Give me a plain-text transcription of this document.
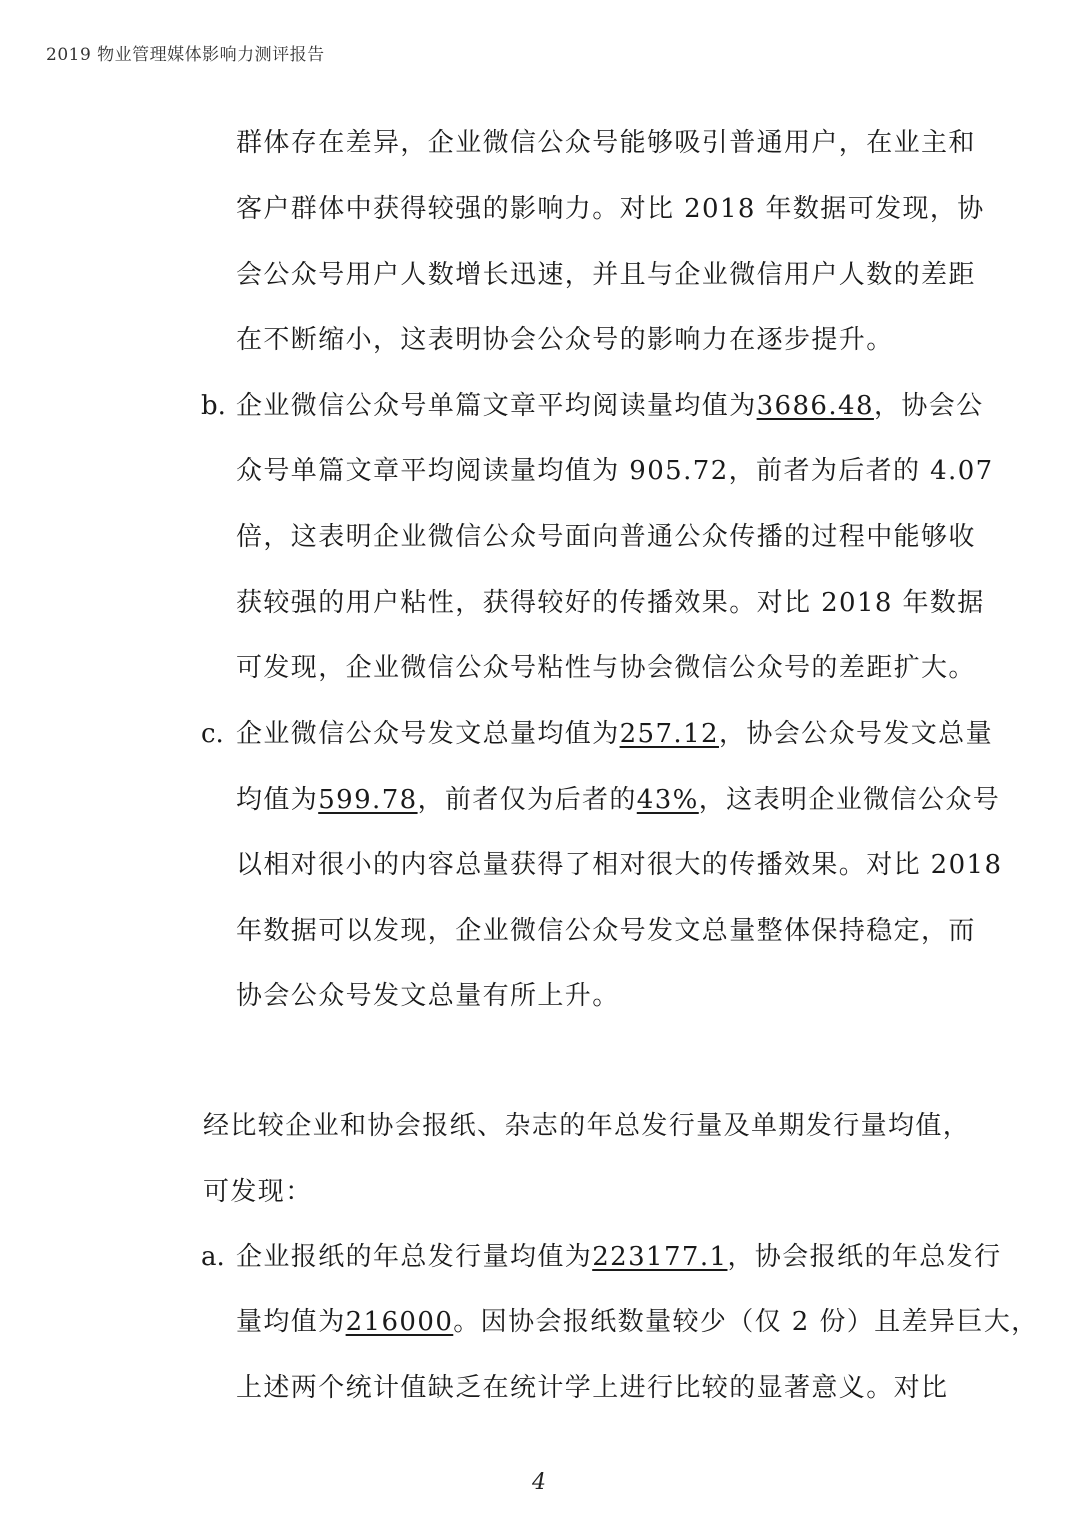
2019 物业管理媒体影响力测评报告
群体存在差异，企业微信公众号能够吸引普通用户，在业主和
客户群体中获得较强的影响力。对比 2018 年数据可发现，协
会公众号用户人数增长迅速，并且与企业微信用户人数的差距
在不断缩小，这表明协会公众号的影响力在逐步提升。
b. 企业微信公众号单篇文章平均阅读量均值为3686.48，协会公
众号单篇文章平均阅读量均值为 905.72，前者为后者的 4.07
倍，这表明企业微信公众号面向普通公众传播的过程中能够收
获较强的用户粘性，获得较好的传播效果。对比 2018 年数据
可发现，企业微信公众号粘性与协会微信公众号的差距扩大。
c. 企业微信公众号发文总量均值为257.12，协会公众号发文总量
均值为599.78，前者仅为后者的43%，这表明企业微信公众号
以相对很小的内容总量获得了相对很大的传播效果。对比 2018
年数据可以发现，企业微信公众号发文总量整体保持稳定，而
协会公众号发文总量有所上升。
经比较企业和协会报纸、杂志的年总发行量及单期发行量均值，
可发现：
a. 企业报纸的年总发行量均值为223177.1，协会报纸的年总发行
量均值为216000。因协会报纸数量较少（仅 2 份）且差异巨大，
上述两个统计值缺乏在统计学上进行比较的显著意义。对比
4
